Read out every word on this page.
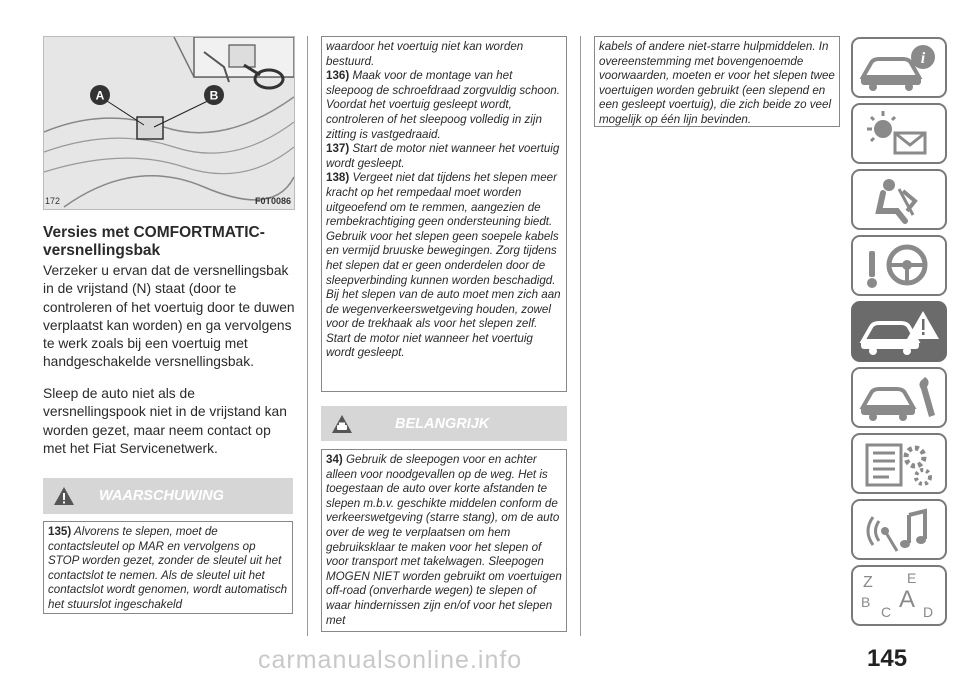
A	B
172	F0T0086
Versies met COMFORTMATIC-versnellingsbak
Verzeker u ervan dat de versnellingsbak in de vrijstand (N) staat (door te controleren of het voertuig door te duwen verplaatst kan worden) en ga vervolgens te werk zoals bij een voertuig met handgeschakelde versnellingsbak.
Sleep de auto niet als de versnellingspook niet in de vrijstand kan worden gezet, maar neem contact op met het Fiat Servicenetwerk.
WAARSCHUWING
135) Alvorens te slepen, moet de contactsleutel op MAR en vervolgens op STOP worden gezet, zonder de sleutel uit het contactslot te nemen. Als de sleutel uit het contactslot wordt genomen, wordt automatisch het stuurslot ingeschakeld
waardoor het voertuig niet kan worden bestuurd.
136) Maak voor de montage van het sleepoog de schroefdraad zorgvuldig schoon. Voordat het voertuig gesleept wordt, controleren of het sleepoog volledig in zijn zitting is vastgedraaid.
137) Start de motor niet wanneer het voertuig wordt gesleept.
138) Vergeet niet dat tijdens het slepen meer kracht op het rempedaal moet worden uitgeoefend om te remmen, aangezien de rembekrachtiging geen ondersteuning biedt. Gebruik voor het slepen geen soepele kabels en vermijd bruuske bewegingen. Zorg tijdens het slepen dat er geen onderdelen door de sleepverbinding kunnen worden beschadigd. Bij het slepen van de auto moet men zich aan de wegenverkeerswetgeving houden, zowel voor de trekhaak als voor het slepen zelf. Start de motor niet wanneer het voertuig wordt gesleept.
BELANGRIJK
34) Gebruik de sleepogen voor en achter alleen voor noodgevallen op de weg. Het is toegestaan de auto over korte afstanden te slepen m.b.v. geschikte middelen conform de verkeerswetgeving (starre stang), om de auto over de weg te verplaatsen om hem gebruiksklaar te maken voor het slepen of voor transport met takelwagen. Sleepogen MOGEN NIET worden gebruikt om voertuigen off-road (onverharde wegen) te slepen of waar hindernissen zijn en/of voor het slepen met
kabels of andere niet-starre hulpmiddelen. In overeenstemming met bovengenoemde voorwaarden, moeten er voor het slepen twee voertuigen worden gebruikt (een slepend en een gesleept voertuig), die zich beide zo veel mogelijk op één lijn bevinden.
i
Z E
A
B
C D
145
carmanualsonline.info
